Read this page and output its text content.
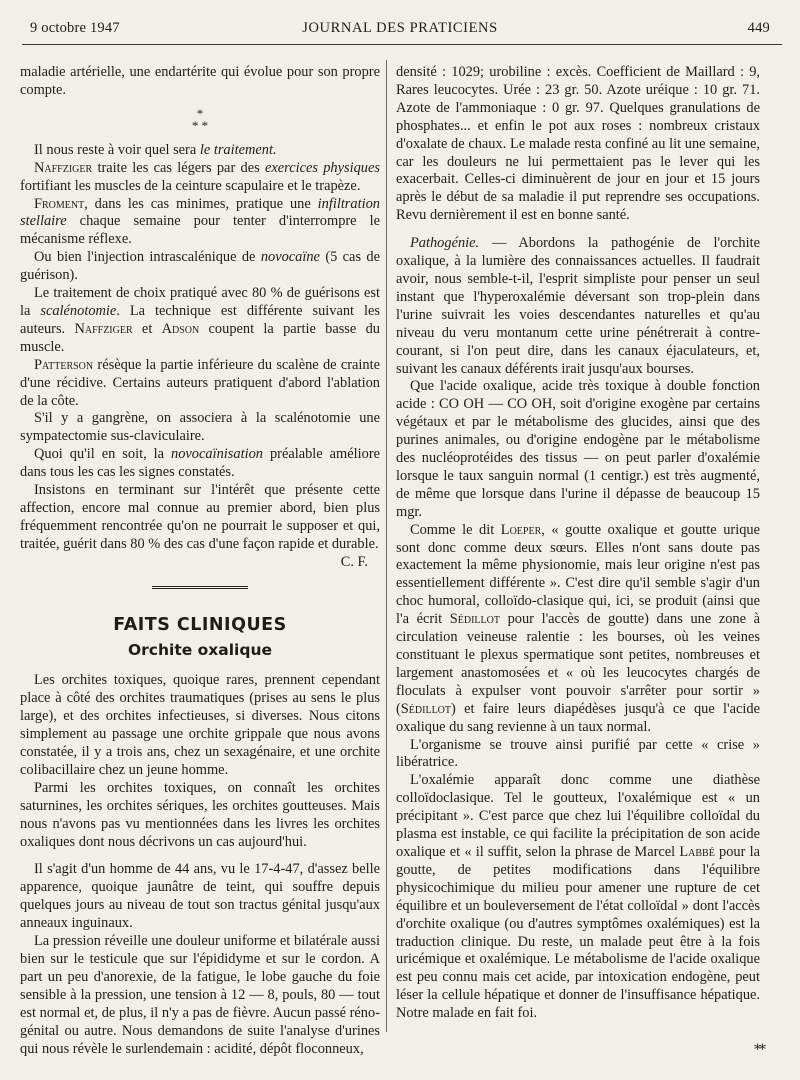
9 octobre 1947	JOURNAL DES PRATICIENS	449

maladie artérielle, une endartérite qui évolue pour son propre compte.

*
* *

Il nous reste à voir quel sera le traitement.

Naffziger traite les cas légers par des exercices physiques fortifiant les muscles de la ceinture scapulaire et le trapèze.

Froment, dans les cas minimes, pratique une infiltration stellaire chaque semaine pour tenter d'interrompre le mécanisme réflexe.

Ou bien l'injection intrascalénique de novocaïne (5 cas de guérison).

Le traitement de choix pratiqué avec 80 % de guérisons est la scalénotomie. La technique est différente suivant les auteurs. Naffziger et Adson coupent la partie basse du muscle.

Patterson résèque la partie inférieure du scalène de crainte d'une récidive. Certains auteurs pratiquent d'abord l'ablation de la côte.

S'il y a gangrène, on associera à la scalénotomie une sympatectomie sus-claviculaire.

Quoi qu'il en soit, la novocaïnisation préalable améliore dans tous les cas les signes constatés.

Insistons en terminant sur l'intérêt que présente cette affection, encore mal connue au premier abord, bien plus fréquemment rencontrée qu'on ne pourrait le supposer et qui, traitée, guérit dans 80 % des cas d'une façon rapide et durable.

C. F.
FAITS CLINIQUES
Orchite oxalique

Les orchites toxiques, quoique rares, prennent cependant place à côté des orchites traumatiques (prises au sens le plus large), et des orchites infectieuses, si diverses. Nous citons simplement au passage une orchite grippale que nous avons constatée, il y a trois ans, chez un sexagénaire, et une orchite colibacillaire chez un jeune homme.

Parmi les orchites toxiques, on connaît les orchites saturnines, les orchites sériques, les orchites goutteuses. Mais nous n'avons pas vu mentionnées dans les livres les orchites oxaliques dont nous décrivons un cas aujourd'hui.

Il s'agit d'un homme de 44 ans, vu le 17-4-47, d'assez belle apparence, quoique jaunâtre de teint, qui souffre depuis quelques jours au niveau de tout son tractus génital jusqu'aux anneaux inguinaux.

La pression réveille une douleur uniforme et bilatérale aussi bien sur le testicule que sur l'épididyme et sur le cordon. A part un peu d'anorexie, de la fatigue, le lobe gauche du foie sensible à la pression, une tension à 12 — 8, pouls, 80 — tout est normal et, de plus, il n'y a pas de fièvre. Aucun passé réno-génital ou autre. Nous demandons de suite l'analyse d'urines qui nous révèle le surlendemain : acidité, dépôt floconneux,

densité : 1029; urobiline : excès. Coefficient de Maillard : 9, Rares leucocytes. Urée : 23 gr. 50. Azote uréique : 10 gr. 71. Azote de l'ammoniaque : 0 gr. 97. Quelques granulations de phosphates... et enfin le pot aux roses : nombreux cristaux d'oxalate de chaux. Le malade resta confiné au lit une semaine, car les douleurs ne lui permettaient pas le lever qui les exacerbait. Celles-ci diminuèrent de jour en jour et 15 jours après le début de sa maladie il put reprendre ses occupations. Revu dernièrement il est en bonne santé.

Pathogénie. — Abordons la pathogénie de l'orchite oxalique, à la lumière des connaissances actuelles. Il faudrait avoir, nous semble-t-il, l'esprit simpliste pour penser un seul instant que l'hyperoxalémie déversant son trop-plein dans l'urine suivrait les voies descendantes naturelles et qu'au niveau du veru montanum cette urine pénétrerait à contre-courant, si l'on peut dire, dans les canaux éjaculateurs, et, suivant les canaux déférents irait jusqu'aux bourses.

Que l'acide oxalique, acide très toxique à double fonction acide : CO OH — CO OH, soit d'origine exogène par certains végétaux et par le métabolisme des glucides, ainsi que des purines animales, ou d'origine endogène par le métabolisme des nucléoprotéides des tissus — on peut parler d'oxalémie lorsque le taux sanguin normal (1 centigr.) est très augmenté, de même que lorsque dans l'urine il dépasse de beaucoup 15 mgr.

Comme le dit Loeper, « goutte oxalique et goutte urique sont donc comme deux sœurs. Elles n'ont sans doute pas exactement la même physionomie, mais leur origine n'est pas essentiellement différente ». C'est dire qu'il semble s'agir d'un choc humoral, colloïdo-clasique qui, ici, se produit (ainsi que l'a écrit Sédillot pour l'accès de goutte) dans une zone à circulation veineuse ralentie : les bourses, où les veines constituant le plexus spermatique sont petites, nombreuses et largement anastomosées et « où les leucocytes chargés de floculats à expulser vont pouvoir s'arrêter pour sortir » (Sédillot) et faire leurs diapédèses jusqu'à ce que l'acide oxalique du sang revienne à un taux normal.

L'organisme se trouve ainsi purifié par cette « crise » libératrice.

L'oxalémie apparaît donc comme une diathèse colloïdoclasique. Tel le goutteux, l'oxalémique est « un précipitant ». C'est parce que chez lui l'équilibre colloïdal du plasma est instable, ce qui facilite la précipitation de son acide oxalique et « il suffit, selon la phrase de Marcel Labbé pour la goutte, de petites modifications dans l'équilibre physicochimique du milieu pour amener une rupture de cet équilibre et un bouleversement de l'état colloïdal » dont l'accès d'orchite oxalique (ou d'autres symptômes oxalémiques) est la traduction clinique. Du reste, un malade peut être à la fois uricémique et oxalémique. Le métabolisme de l'acide oxalique est peu connu mais cet acide, par intoxication endogène, peut léser la cellule hépatique et donner de l'insuffisance hépatique. Notre malade en fait foi.

**
